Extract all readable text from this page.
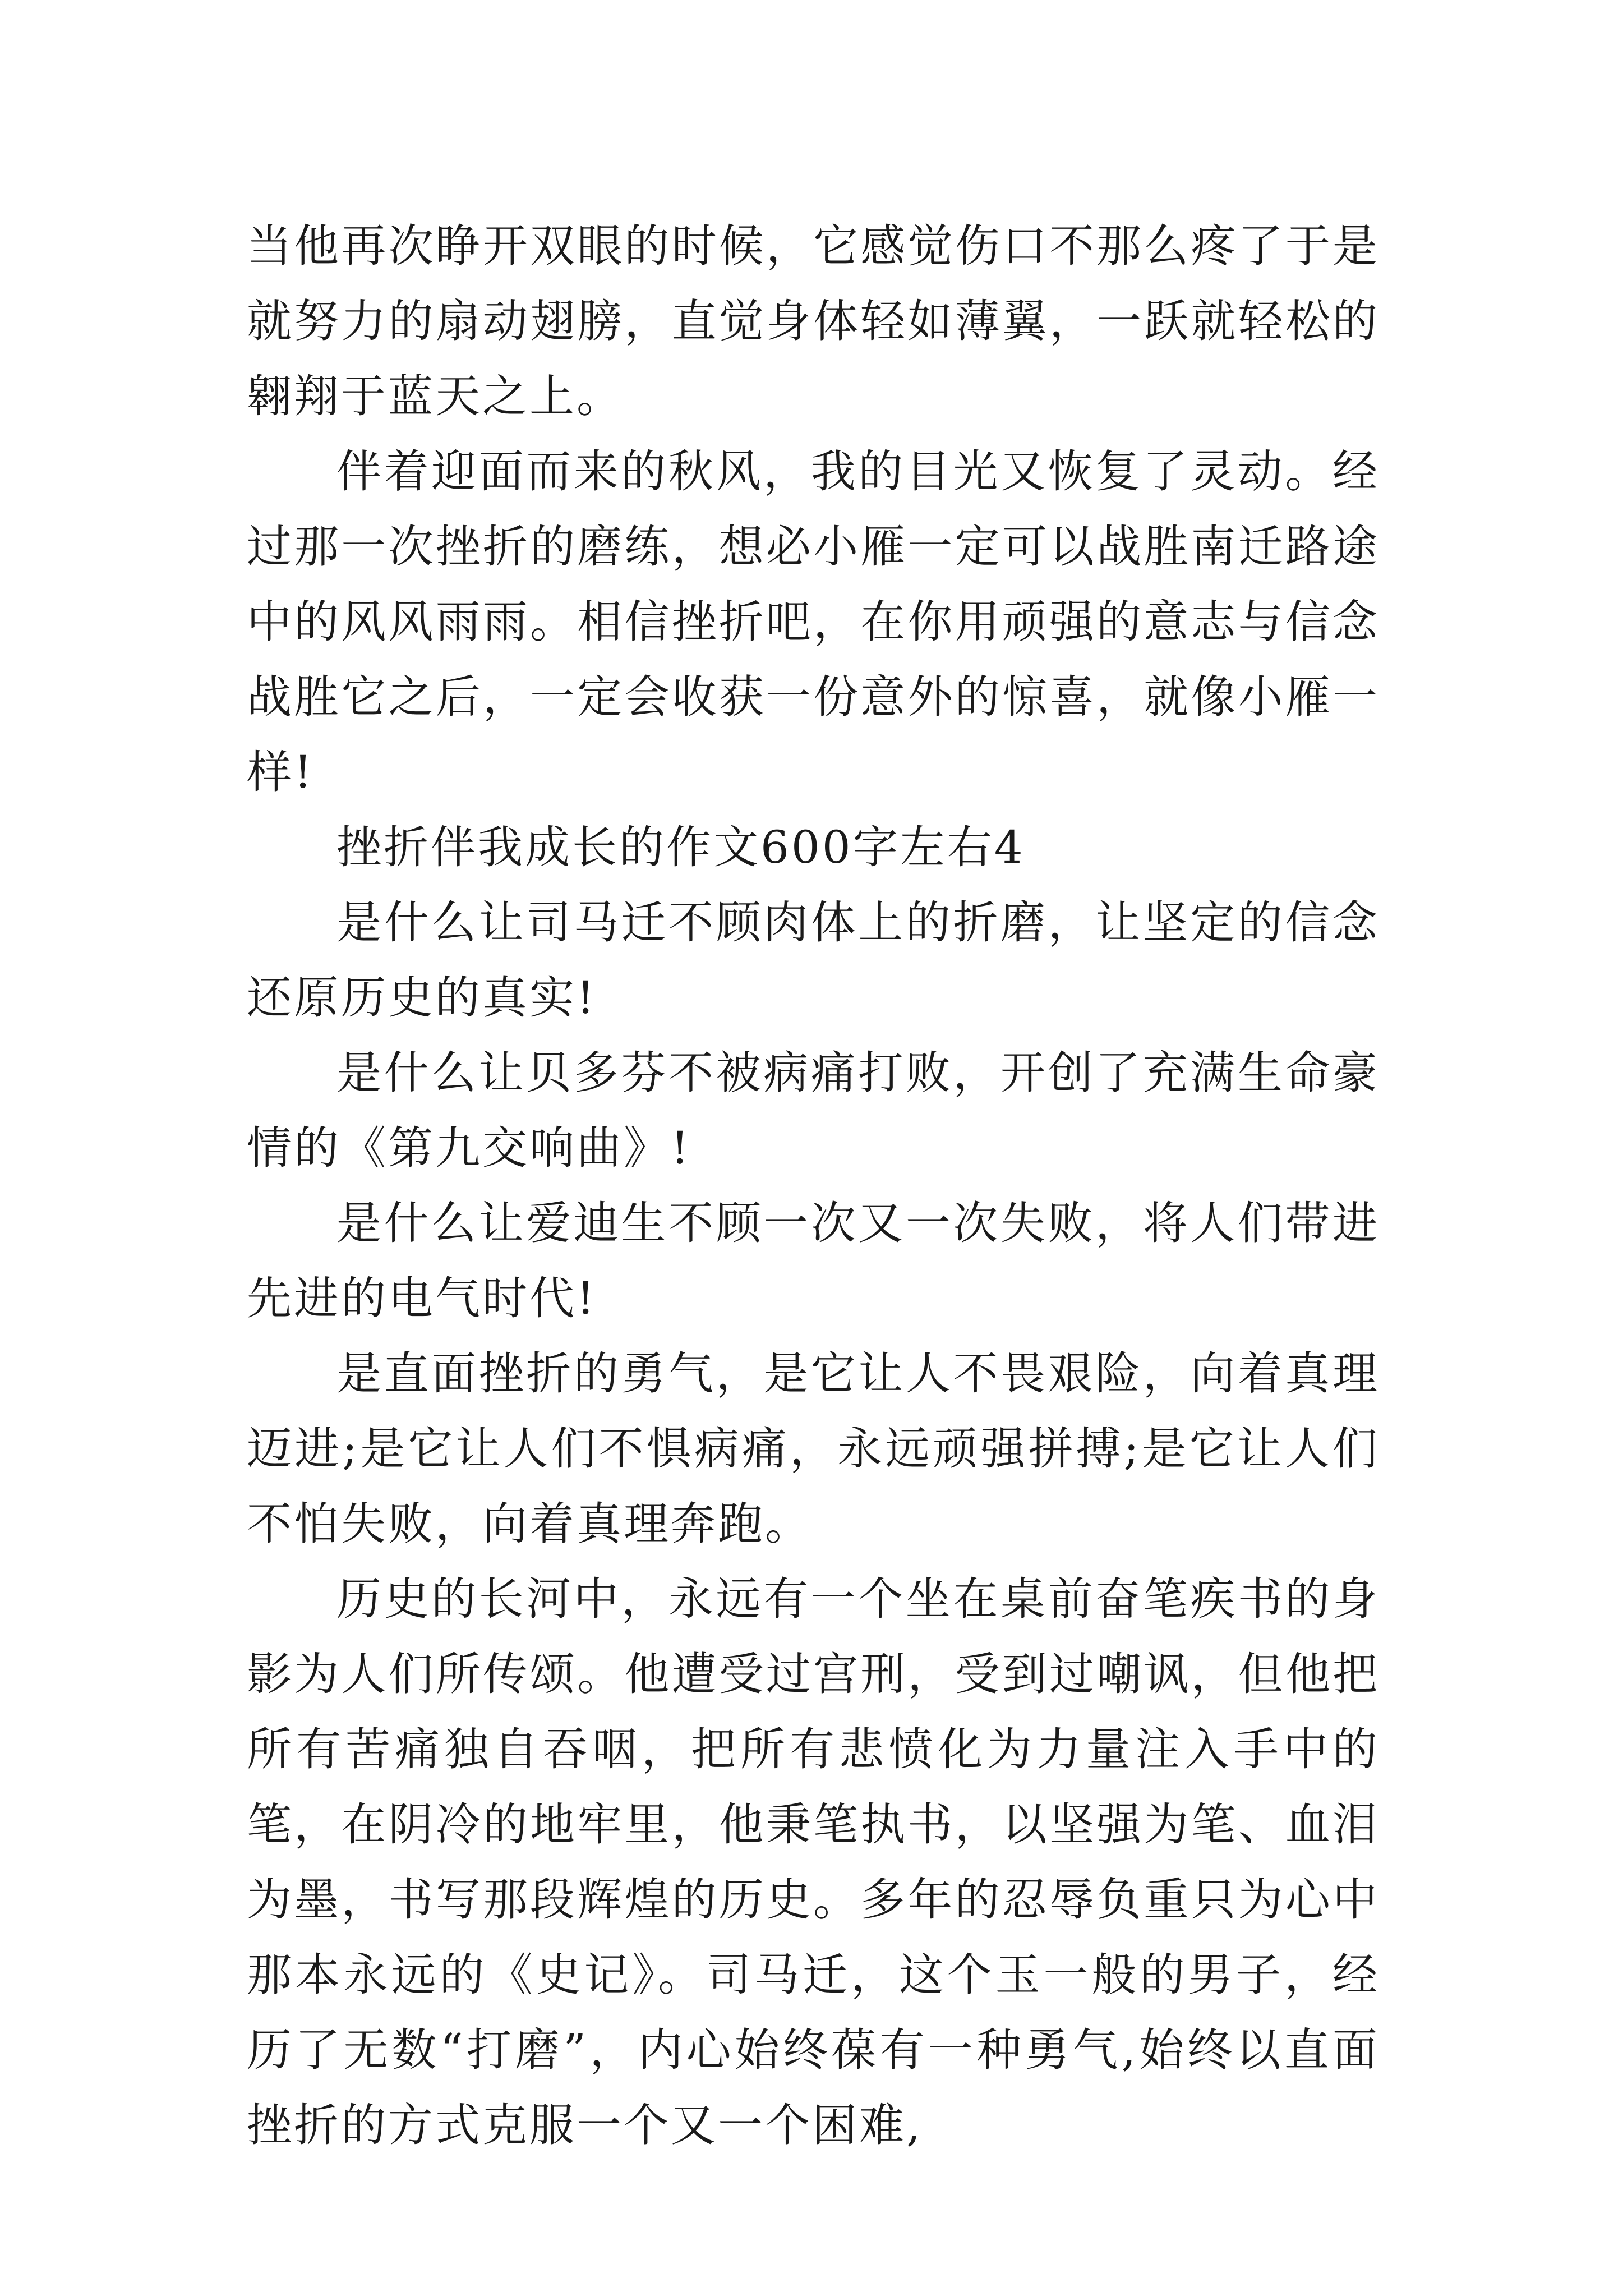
当他再次睁开双眼的时候，它感觉伤口不那么疼了于是就努力的扇动翅膀，直觉身体轻如薄翼，一跃就轻松的翱翔于蓝天之上。

伴着迎面而来的秋风，我的目光又恢复了灵动。经过那一次挫折的磨练，想必小雁一定可以战胜南迁路途中的风风雨雨。相信挫折吧，在你用顽强的意志与信念战胜它之后，一定会收获一份意外的惊喜，就像小雁一样!

挫折伴我成长的作文600字左右4

是什么让司马迁不顾肉体上的折磨，让坚定的信念还原历史的真实!

是什么让贝多芬不被病痛打败，开创了充满生命豪情的《第九交响曲》!

是什么让爱迪生不顾一次又一次失败，将人们带进先进的电气时代!

是直面挫折的勇气，是它让人不畏艰险，向着真理迈进;是它让人们不惧病痛，永远顽强拼搏;是它让人们不怕失败，向着真理奔跑。

历史的长河中，永远有一个坐在桌前奋笔疾书的身影为人们所传颂。他遭受过宫刑，受到过嘲讽，但他把所有苦痛独自吞咽，把所有悲愤化为力量注入手中的笔，在阴冷的地牢里，他秉笔执书，以坚强为笔、血泪为墨，书写那段辉煌的历史。多年的忍辱负重只为心中那本永远的《史记》。司马迁，这个玉一般的男子，经历了无数“打磨”，内心始终葆有一种勇气,始终以直面挫折的方式克服一个又一个困难,
